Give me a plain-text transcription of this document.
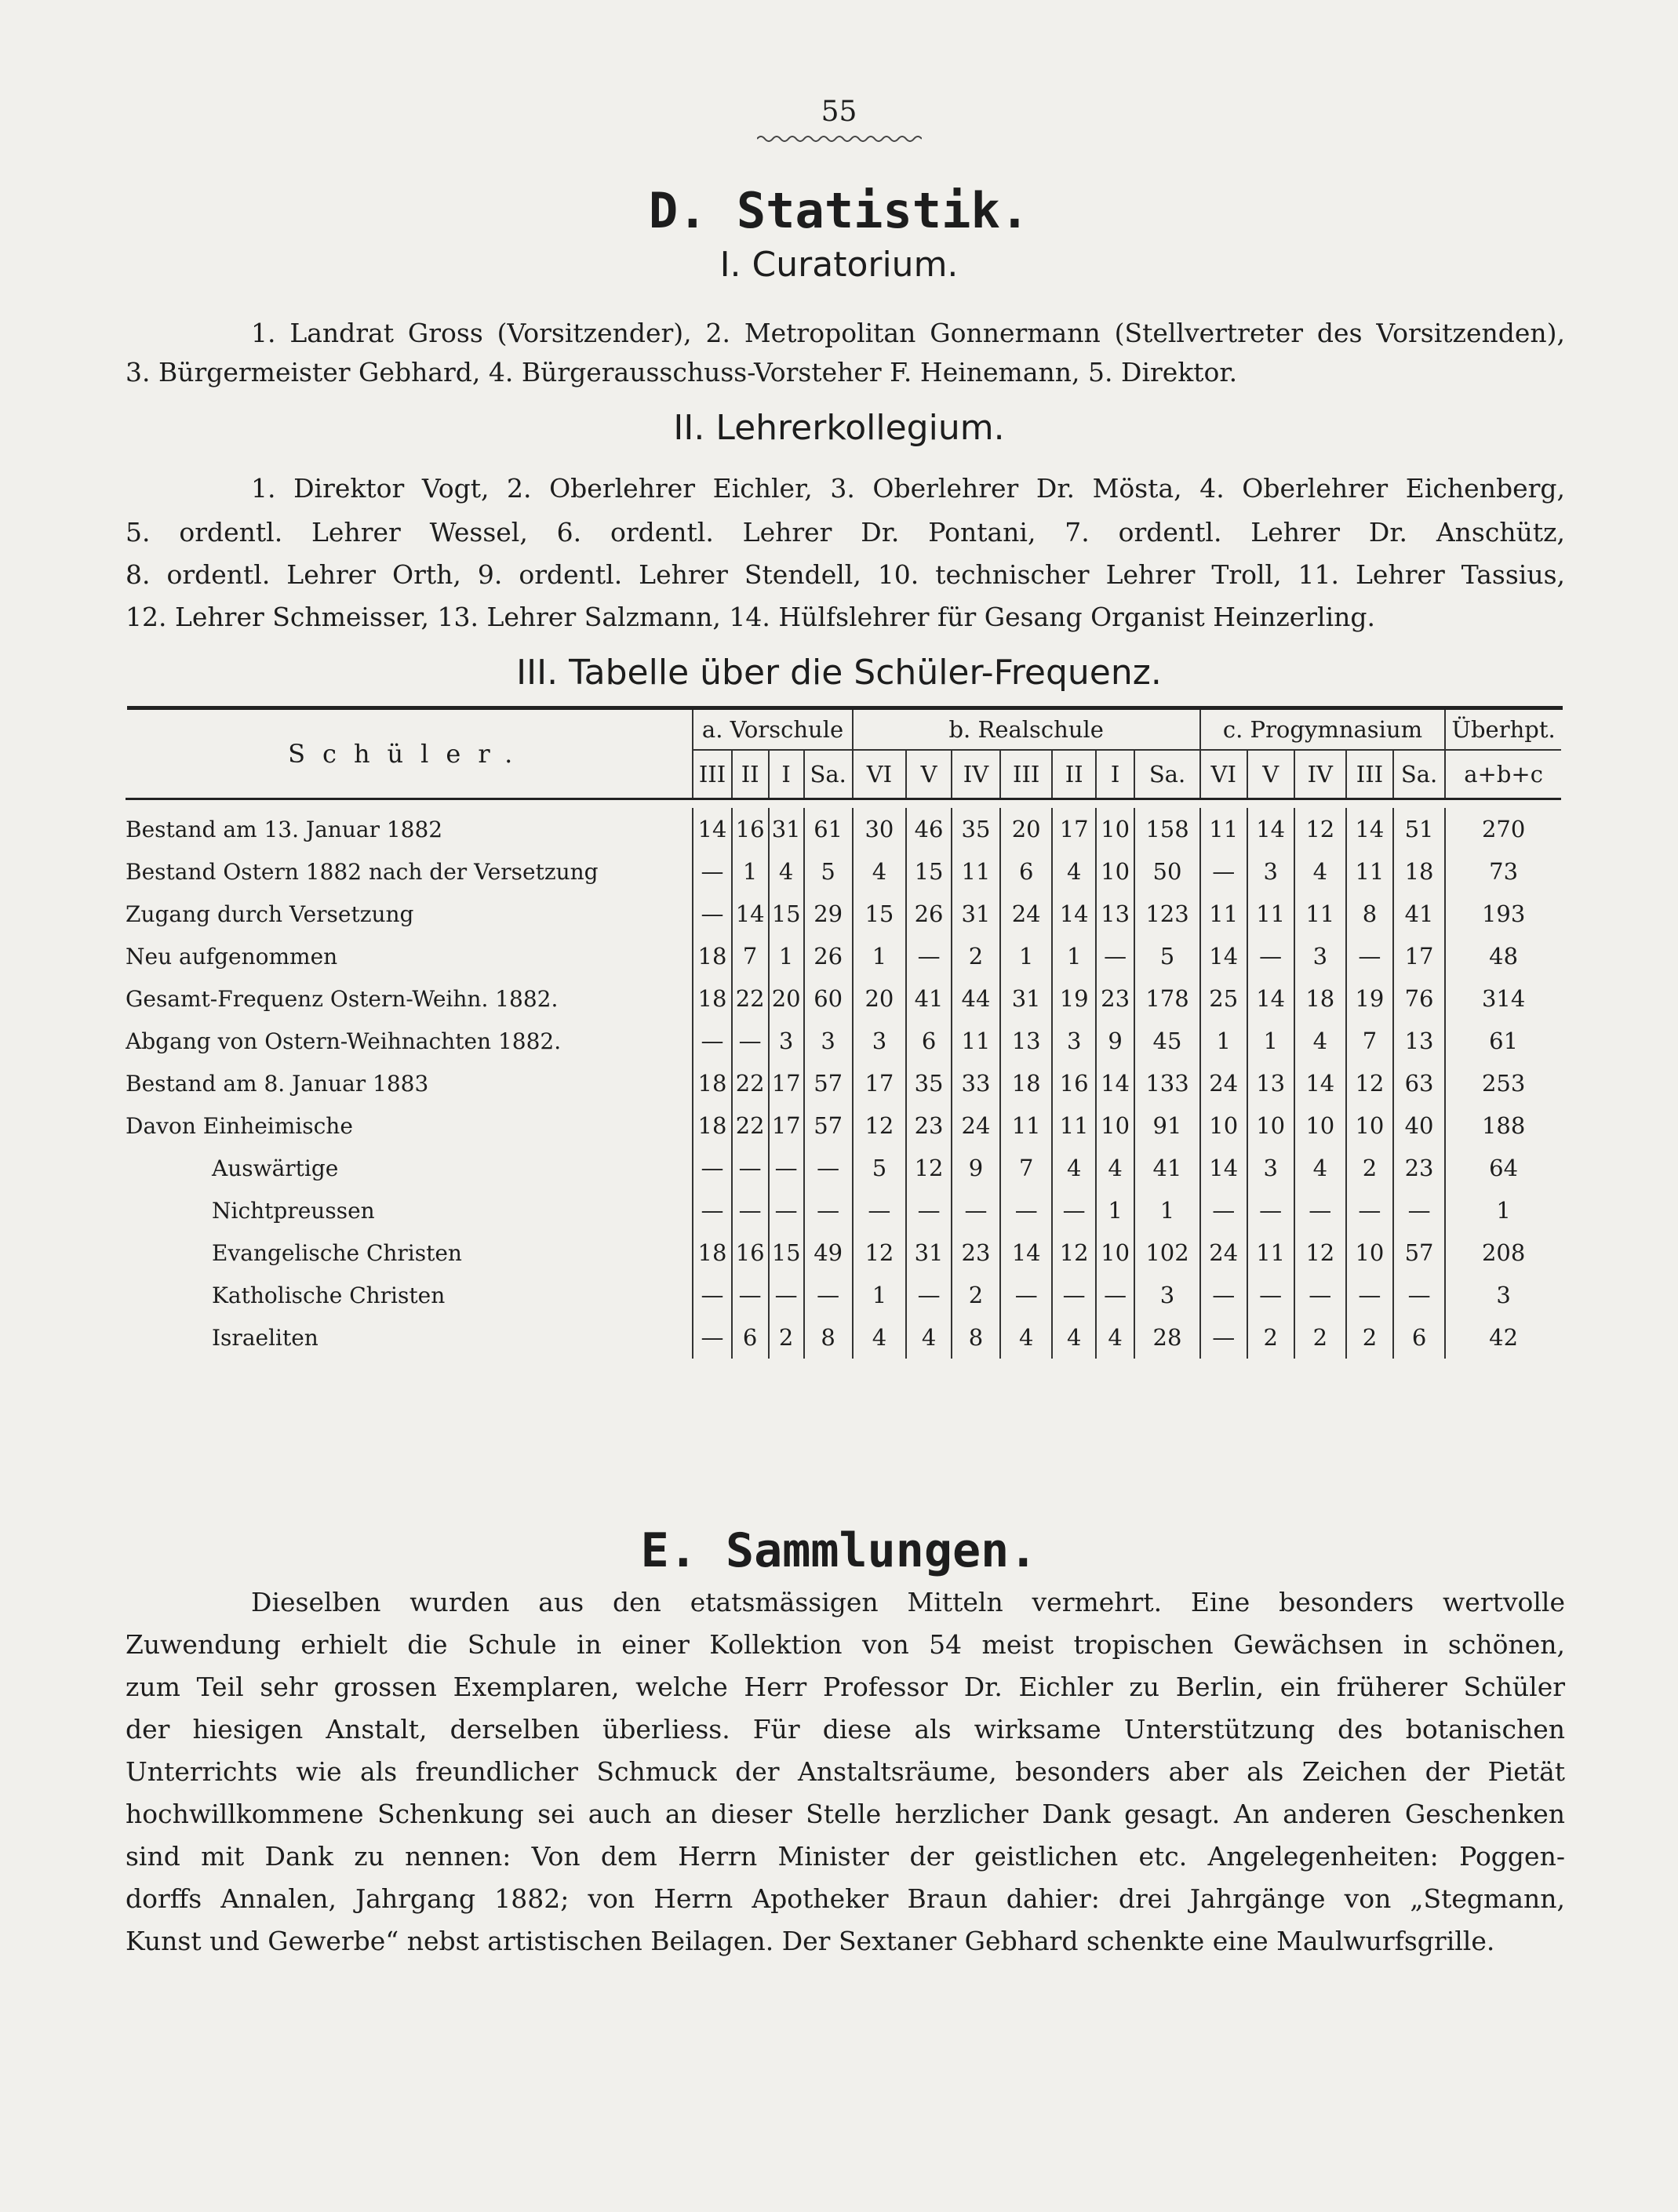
55
D. Statistik.
I. Curatorium.
1. Landrat Gross (Vorsitzender), 2. Metropolitan Gonnermann (Stellvertreter des Vorsitzenden),
3. Bürgermeister Gebhard, 4. Bürgerausschuss-Vorsteher F. Heinemann, 5. Direktor.
II. Lehrerkollegium.
1. Direktor Vogt, 2. Oberlehrer Eichler, 3. Oberlehrer Dr. Mösta, 4. Oberlehrer Eichenberg,
5. ordentl. Lehrer Wessel, 6. ordentl. Lehrer Dr. Pontani, 7. ordentl. Lehrer Dr. Anschütz,
8. ordentl. Lehrer Orth, 9. ordentl. Lehrer Stendell, 10. technischer Lehrer Troll, 11. Lehrer Tassius,
12. Lehrer Schmeisser, 13. Lehrer Salzmann, 14. Hülfslehrer für Gesang Organist Heinzerling.
III. Tabelle über die Schüler-Frequenz.
Schüler.	a. Vorschule				b. Realschule							c. Progymnasium					Überhpt.
	III	II	I	Sa.	VI	V	IV	III	II	I	Sa.	VI	V	IV	III	Sa.	a+b+c

Bestand am 13. Januar 1882	14	16	31	61	30	46	35	20	17	10	158	11	14	12	14	51	270
Bestand Ostern 1882 nach der Versetzung	—	1	4	5	4	15	11	6	4	10	50	—	3	4	11	18	73
Zugang durch Versetzung	—	14	15	29	15	26	31	24	14	13	123	11	11	11	8	41	193
Neu aufgenommen	18	7	1	26	1	—	2	1	1	—	5	14	—	3	—	17	48
Gesamt-Frequenz Ostern-Weihn. 1882.	18	22	20	60	20	41	44	31	19	23	178	25	14	18	19	76	314
Abgang von Ostern-Weihnachten 1882.	—	—	3	3	3	6	11	13	3	9	45	1	1	4	7	13	61
Bestand am 8. Januar 1883	18	22	17	57	17	35	33	18	16	14	133	24	13	14	12	63	253
Davon Einheimische	18	22	17	57	12	23	24	11	11	10	91	10	10	10	10	40	188
Auswärtige	—	—	—	—	5	12	9	7	4	4	41	14	3	4	2	23	64
Nichtpreussen	—	—	—	—	—	—	—	—	—	1	1	—	—	—	—	—	1
Evangelische Christen	18	16	15	49	12	31	23	14	12	10	102	24	11	12	10	57	208
Katholische Christen	—	—	—	—	1	—	2	—	—	—	3	—	—	—	—	—	3
Israeliten	—	6	2	8	4	4	8	4	4	4	28	—	2	2	2	6	42
E. Sammlungen.
Dieselben wurden aus den etatsmässigen Mitteln vermehrt. Eine besonders wertvolle
Zuwendung erhielt die Schule in einer Kollektion von 54 meist tropischen Gewächsen in schönen,
zum Teil sehr grossen Exemplaren, welche Herr Professor Dr. Eichler zu Berlin, ein früherer Schüler
der hiesigen Anstalt, derselben überliess. Für diese als wirksame Unterstützung des botanischen
Unterrichts wie als freundlicher Schmuck der Anstaltsräume, besonders aber als Zeichen der Pietät
hochwillkommene Schenkung sei auch an dieser Stelle herzlicher Dank gesagt. An anderen Geschenken
sind mit Dank zu nennen: Von dem Herrn Minister der geistlichen etc. Angelegenheiten: Poggen-
dorffs Annalen, Jahrgang 1882; von Herrn Apotheker Braun dahier: drei Jahrgänge von „Stegmann,
Kunst und Gewerbe“ nebst artistischen Beilagen. Der Sextaner Gebhard schenkte eine Maulwurfsgrille.
